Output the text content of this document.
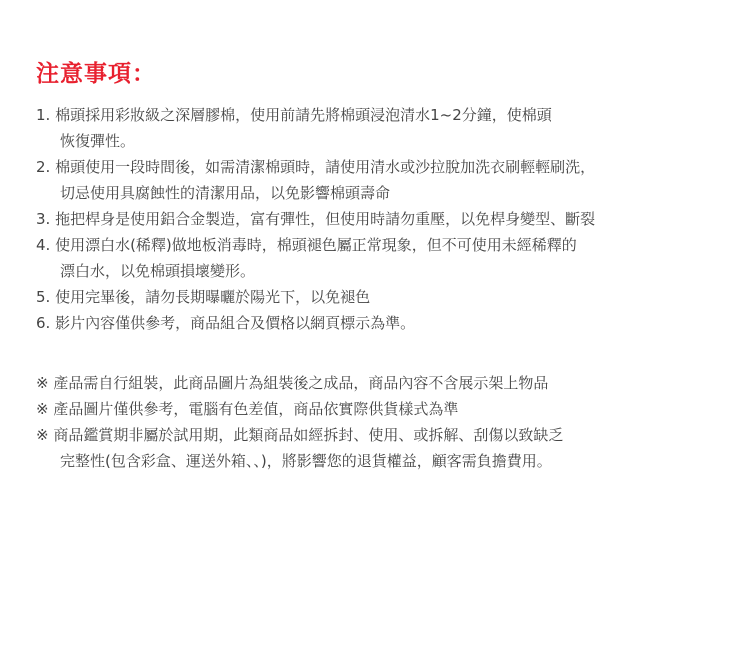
注意事項：
1. 棉頭採用彩妝級之深層膠棉，使用前請先將棉頭浸泡清水1~2分鐘，使棉頭
恢復彈性。
2. 棉頭使用一段時間後，如需清潔棉頭時，請使用清水或沙拉脫加洗衣刷輕輕刷洗，
切忌使用具腐蝕性的清潔用品，以免影響棉頭壽命
3. 拖把桿身是使用鋁合金製造，富有彈性，但使用時請勿重壓，以免桿身變型、斷裂
4. 使用漂白水(稀釋)做地板消毒時，棉頭褪色屬正常現象，但不可使用未經稀釋的
漂白水，以免棉頭損壞變形。
5. 使用完畢後，請勿長期曝曬於陽光下，以免褪色
6. 影片內容僅供參考，商品組合及價格以網頁標示為準。
※ 產品需自行組裝，此商品圖片為組裝後之成品，商品內容不含展示架上物品
※ 產品圖片僅供參考，電腦有色差值，商品依實際供貨樣式為準
※ 商品鑑賞期非屬於試用期，此類商品如經拆封、使用、或拆解、刮傷以致缺乏
完整性(包含彩盒、運送外箱、、)，將影響您的退貨權益，顧客需負擔費用。
